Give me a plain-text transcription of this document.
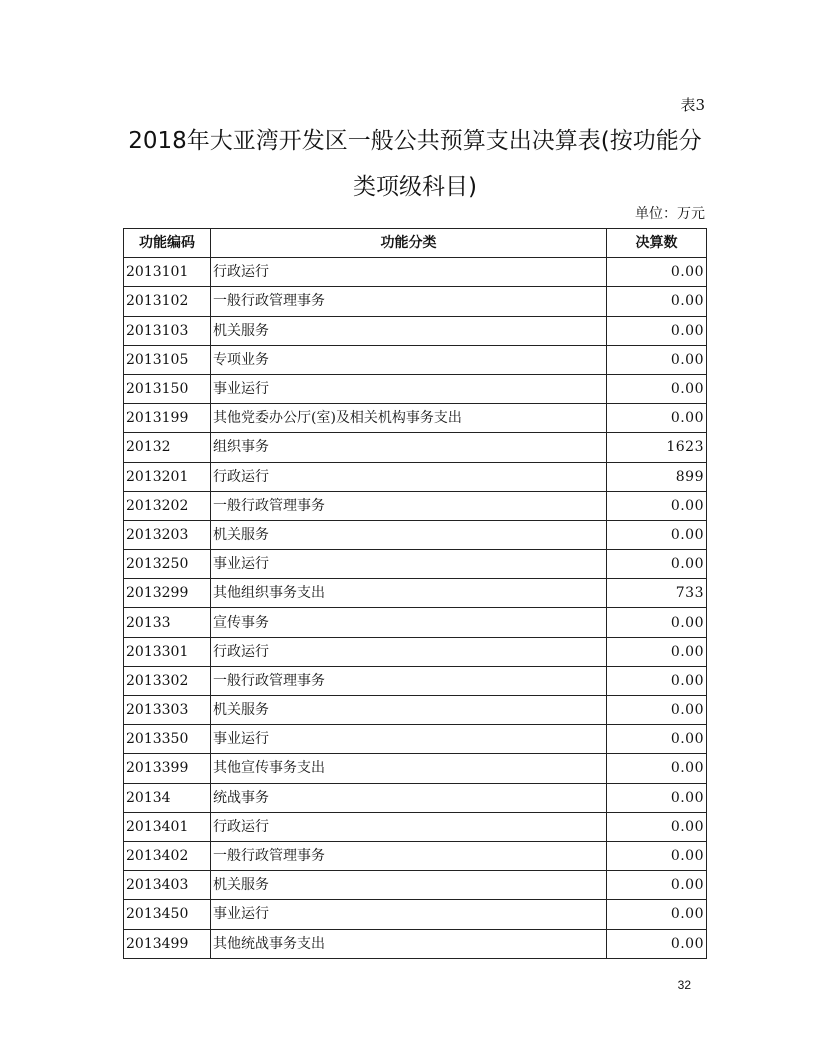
表3
2018年大亚湾开发区一般公共预算支出决算表(按功能分类项级科目)
单位：万元
功能编码	功能分类	决算数
2013101	行政运行	0.00
2013102	一般行政管理事务	0.00
2013103	机关服务	0.00
2013105	专项业务	0.00
2013150	事业运行	0.00
2013199	其他党委办公厅(室)及相关机构事务支出	0.00
20132	组织事务	1623
2013201	行政运行	899
2013202	一般行政管理事务	0.00
2013203	机关服务	0.00
2013250	事业运行	0.00
2013299	其他组织事务支出	733
20133	宣传事务	0.00
2013301	行政运行	0.00
2013302	一般行政管理事务	0.00
2013303	机关服务	0.00
2013350	事业运行	0.00
2013399	其他宣传事务支出	0.00
20134	统战事务	0.00
2013401	行政运行	0.00
2013402	一般行政管理事务	0.00
2013403	机关服务	0.00
2013450	事业运行	0.00
2013499	其他统战事务支出	0.00
32
